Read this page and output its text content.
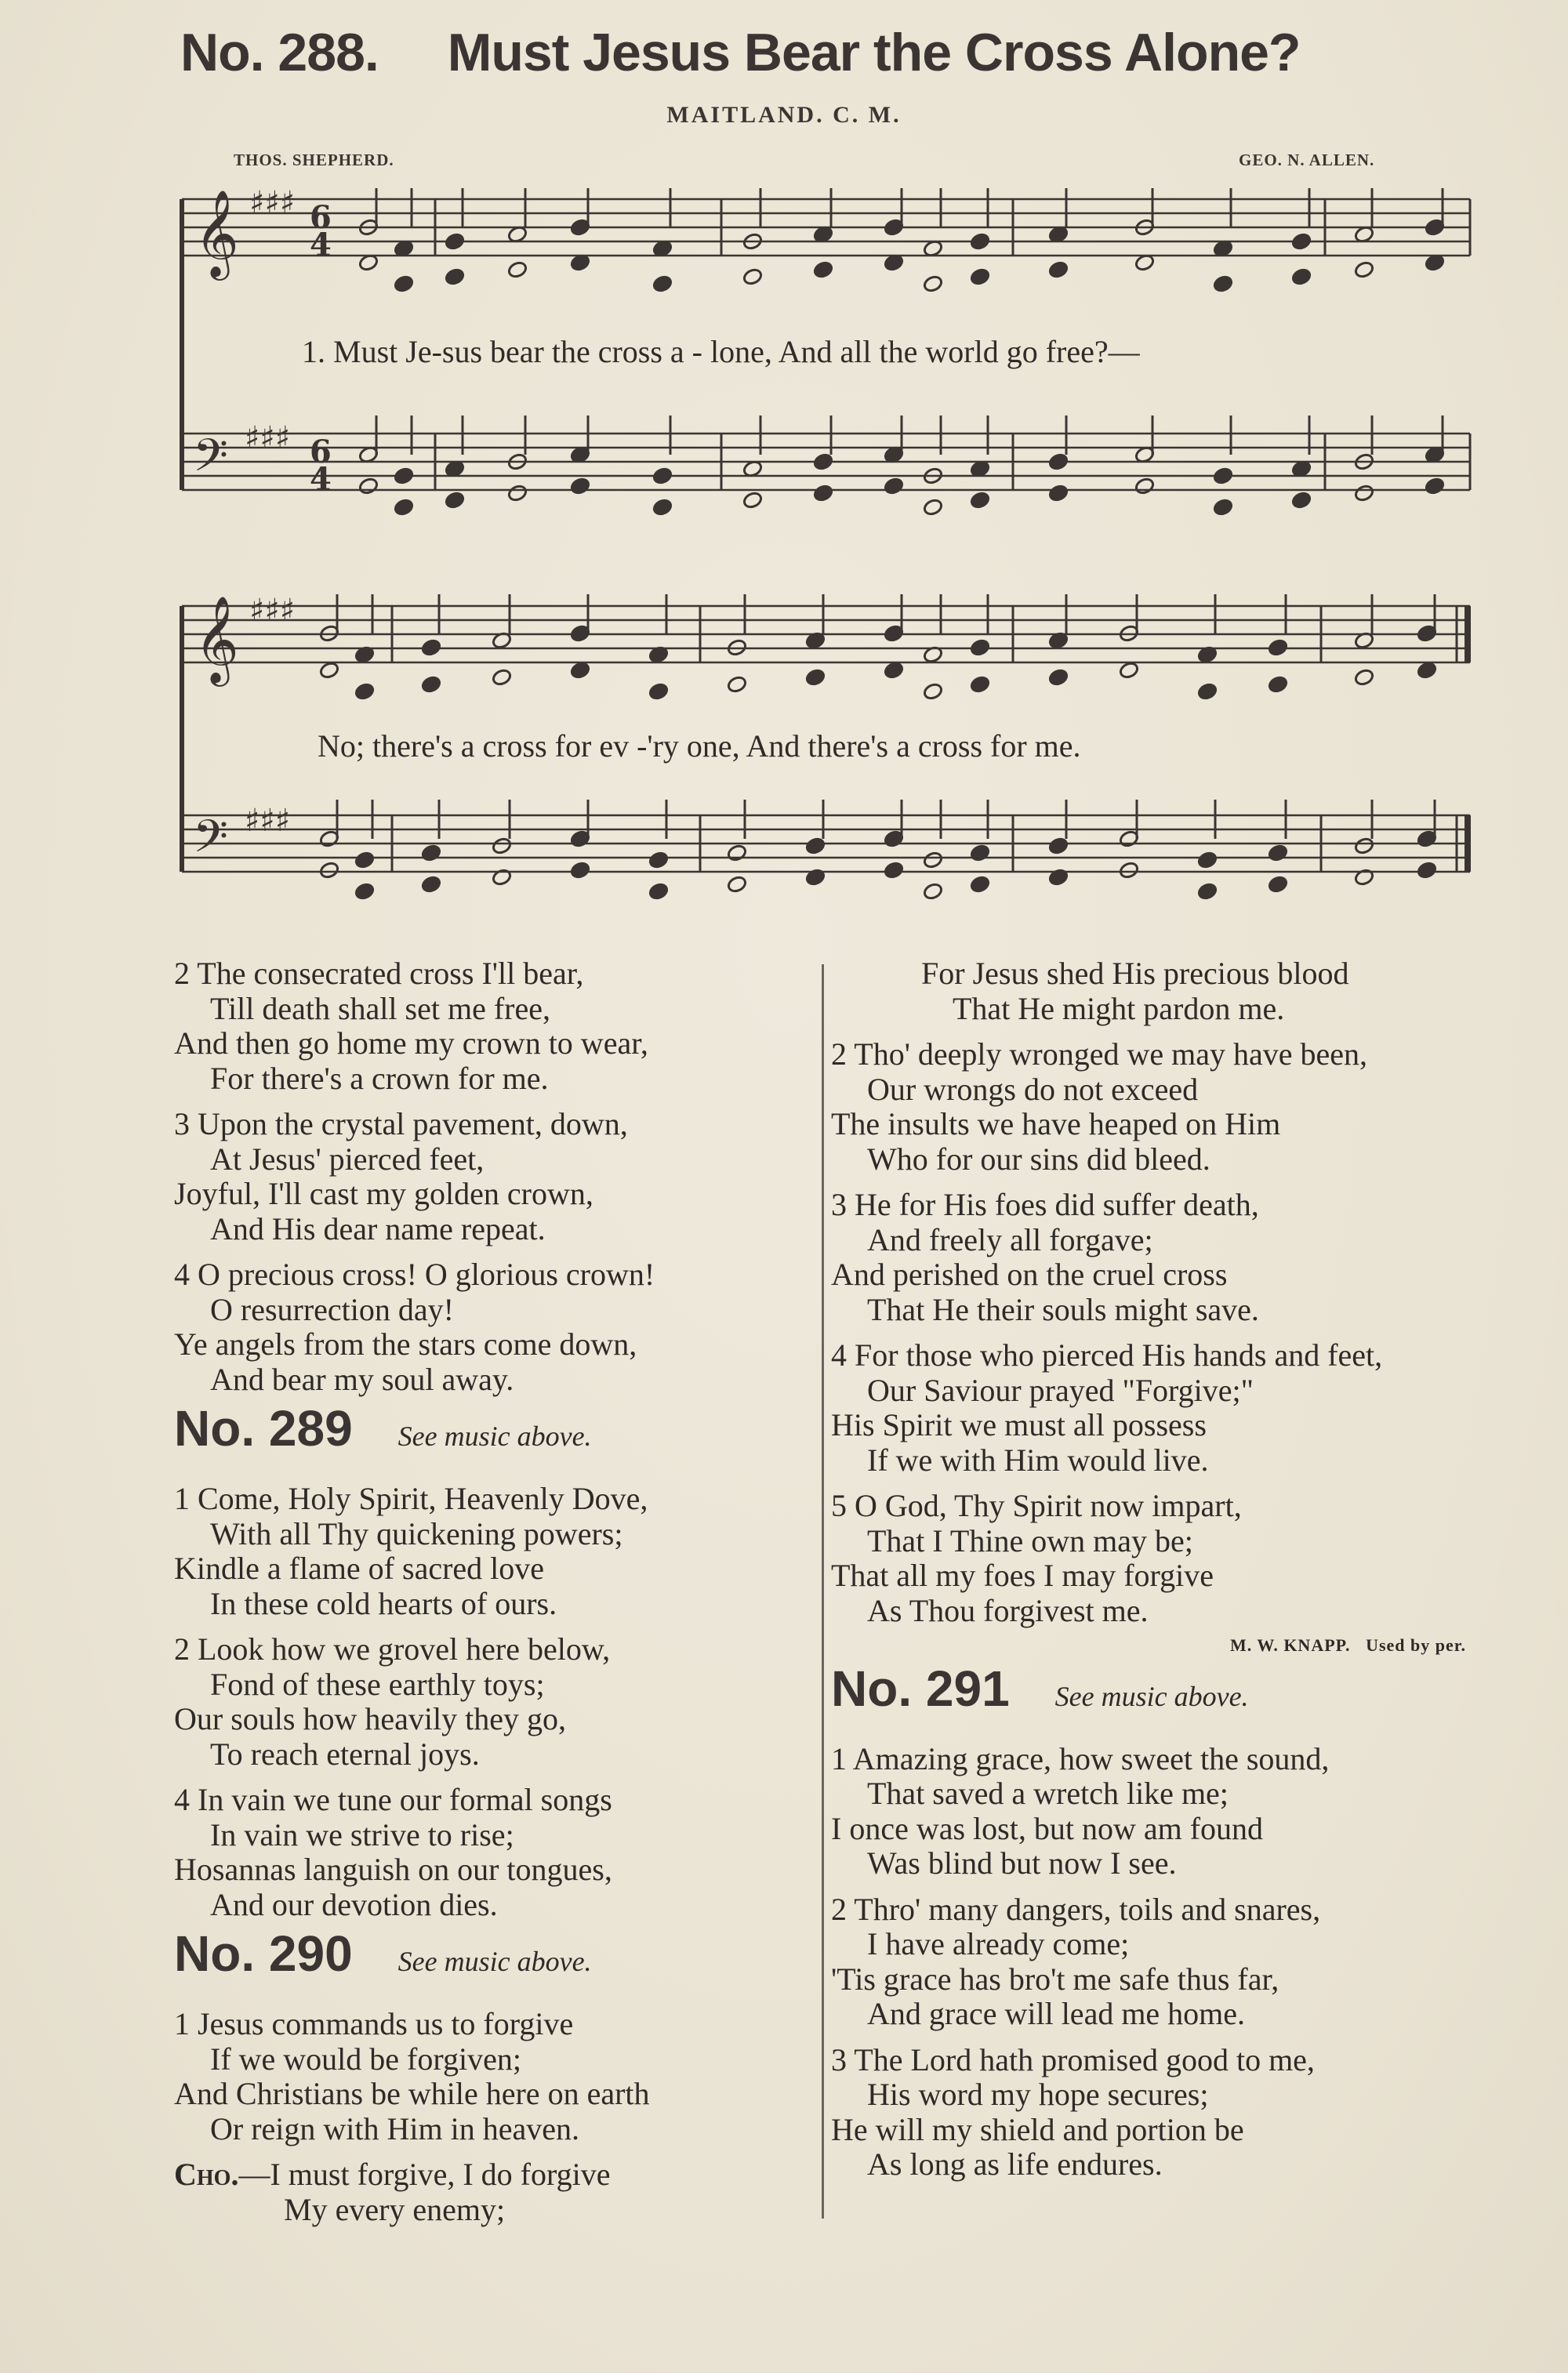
No. 288. Must Jesus Bear the Cross Alone?
MAITLAND. C. M.
THOS. SHEPHERD.	GEO. N. ALLEN.
𝄞
𝄞
𝄢
𝄢
♯♯♯
♯♯♯
♯♯♯
♯♯♯
6
4
6
4
1. Must Je-sus bear the cross a - lone, And all the world go free?—
No; there's a cross for ev -'ry one, And there's a cross for me.

2 The consecrated cross I'll bear,

Till death shall set me free,

And then go home my crown to wear,

For there's a crown for me.

3 Upon the crystal pavement, down,

At Jesus' pierced feet,

Joyful, I'll cast my golden crown,

And His dear name repeat.

4 O precious cross! O glorious crown!

O resurrection day!

Ye angels from the stars come down,

And bear my soul away.

No. 289 See music above.

1 Come, Holy Spirit, Heavenly Dove,

With all Thy quickening powers;

Kindle a flame of sacred love

In these cold hearts of ours.

2 Look how we grovel here below,

Fond of these earthly toys;

Our souls how heavily they go,

To reach eternal joys.

4 In vain we tune our formal songs

In vain we strive to rise;

Hosannas languish on our tongues,

And our devotion dies.

No. 290 See music above.

1 Jesus commands us to forgive

If we would be forgiven;

And Christians be while here on earth

Or reign with Him in heaven.

Cho.—I must forgive, I do forgive

My every enemy;

For Jesus shed His precious blood

That He might pardon me.

2 Tho' deeply wronged we may have been,

Our wrongs do not exceed

The insults we have heaped on Him

Who for our sins did bleed.

3 He for His foes did suffer death,

And freely all forgave;

And perished on the cruel cross

That He their souls might save.

4 For those who pierced His hands and feet,

Our Saviour prayed "Forgive;"

His Spirit we must all possess

If we with Him would live.

5 O God, Thy Spirit now impart,

That I Thine own may be;

That all my foes I may forgive

As Thou forgivest me.

M. W. KNAPP. Used by per.

No. 291 See music above.

1 Amazing grace, how sweet the sound,

That saved a wretch like me;

I once was lost, but now am found

Was blind but now I see.

2 Thro' many dangers, toils and snares,

I have already come;

'Tis grace has bro't me safe thus far,

And grace will lead me home.

3 The Lord hath promised good to me,

His word my hope secures;

He will my shield and portion be

As long as life endures.
